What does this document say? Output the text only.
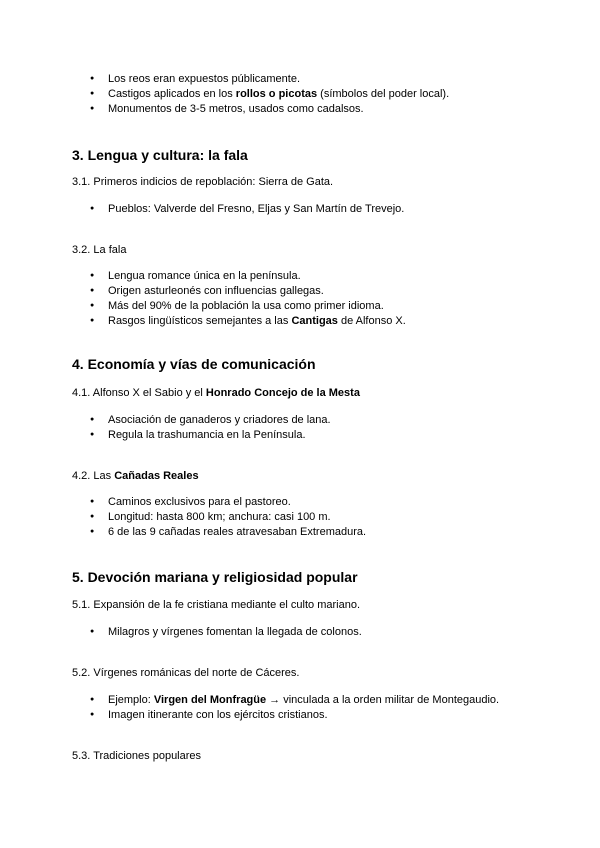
● Los reos eran expuestos públicamente.
● Castigos aplicados en los rollos o picotas (símbolos del poder local).
● Monumentos de 3-5 metros, usados como cadalsos.
3. Lengua y cultura: la fala
3.1. Primeros indicios de repoblación: Sierra de Gata.
● Pueblos: Valverde del Fresno, Eljas y San Martín de Trevejo.
3.2. La fala
● Lengua romance única en la península.
● Origen asturleonés con influencias gallegas.
● Más del 90% de la población la usa como primer idioma.
● Rasgos lingüísticos semejantes a las Cantigas de Alfonso X.
4. Economía y vías de comunicación
4.1. Alfonso X el Sabio y el Honrado Concejo de la Mesta
● Asociación de ganaderos y criadores de lana.
● Regula la trashumancia en la Península.
4.2. Las Cañadas Reales
● Caminos exclusivos para el pastoreo.
● Longitud: hasta 800 km; anchura: casi 100 m.
● 6 de las 9 cañadas reales atravesaban Extremadura.
5. Devoción mariana y religiosidad popular
5.1. Expansión de la fe cristiana mediante el culto mariano.
● Milagros y vírgenes fomentan la llegada de colonos.
5.2. Vírgenes románicas del norte de Cáceres.
● Ejemplo: Virgen del Monfragüe → vinculada a la orden militar de Montegaudio.
● Imagen itinerante con los ejércitos cristianos.
5.3. Tradiciones populares
